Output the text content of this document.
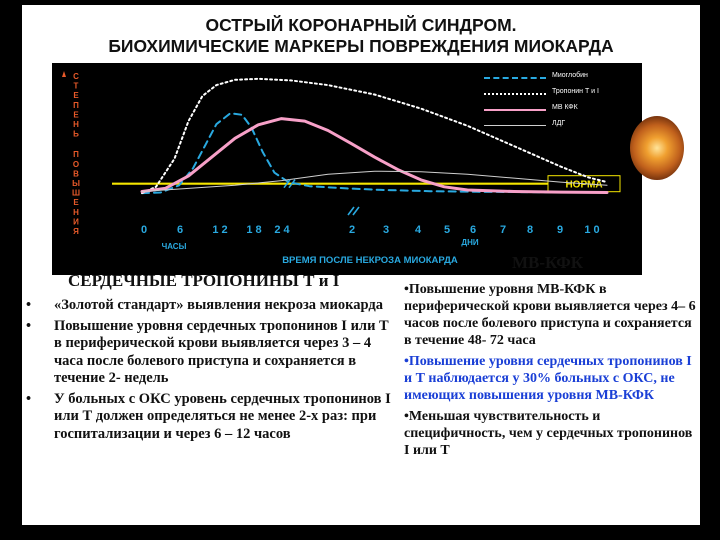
ОСТРЫЙ КОРОНАРНЫЙ СИНДРОМ.
БИОХИМИЧЕСКИЕ МАРКЕРЫ ПОВРЕЖДЕНИЯ МИОКАРДА
С
Т
Е
П
Е
Н
Ь
П
О
В
Ы
Ш
Е
Н
И
Я
НОРМА
0	6	1 2 1 8 2 4	2	3 4 5 6 7 8 9 1 0
ЧАСЫ	ДНИ
ВРЕМЯ ПОСЛЕ НЕКРОЗА МИОКАРДА
Миоглобин
Тропонин Т и I
МВ КФК
ЛДГ
СЕРДЕЧНЫЕ ТРОПОНИНЫ Т и I
• «Золотой стандарт» выявления некроза миокарда
• Повышение уровня сердечных тропонинов I или Т в периферической крови выявляется через 3 – 4 часа после болевого приступа и сохраняется в течение 2- недель
• У больных с ОКС уровень сердечных тропонинов I или Т должен определяться не менее 2-х раз: при госпитализации и через 6 – 12 часов
МВ-КФК
•Повышение уровня МВ-КФК в периферической крови выявляется через 4– 6 часов после болевого приступа и сохраняется в течение 48- 72 часа
•Повышение уровня сердечных тропонинов I и Т наблюдается у 30% больных с ОКС, не имеющих повышения уровня МВ-КФК
•Меньшая чувствительность и специфичность, чем у сердечных тропонинов I или Т
